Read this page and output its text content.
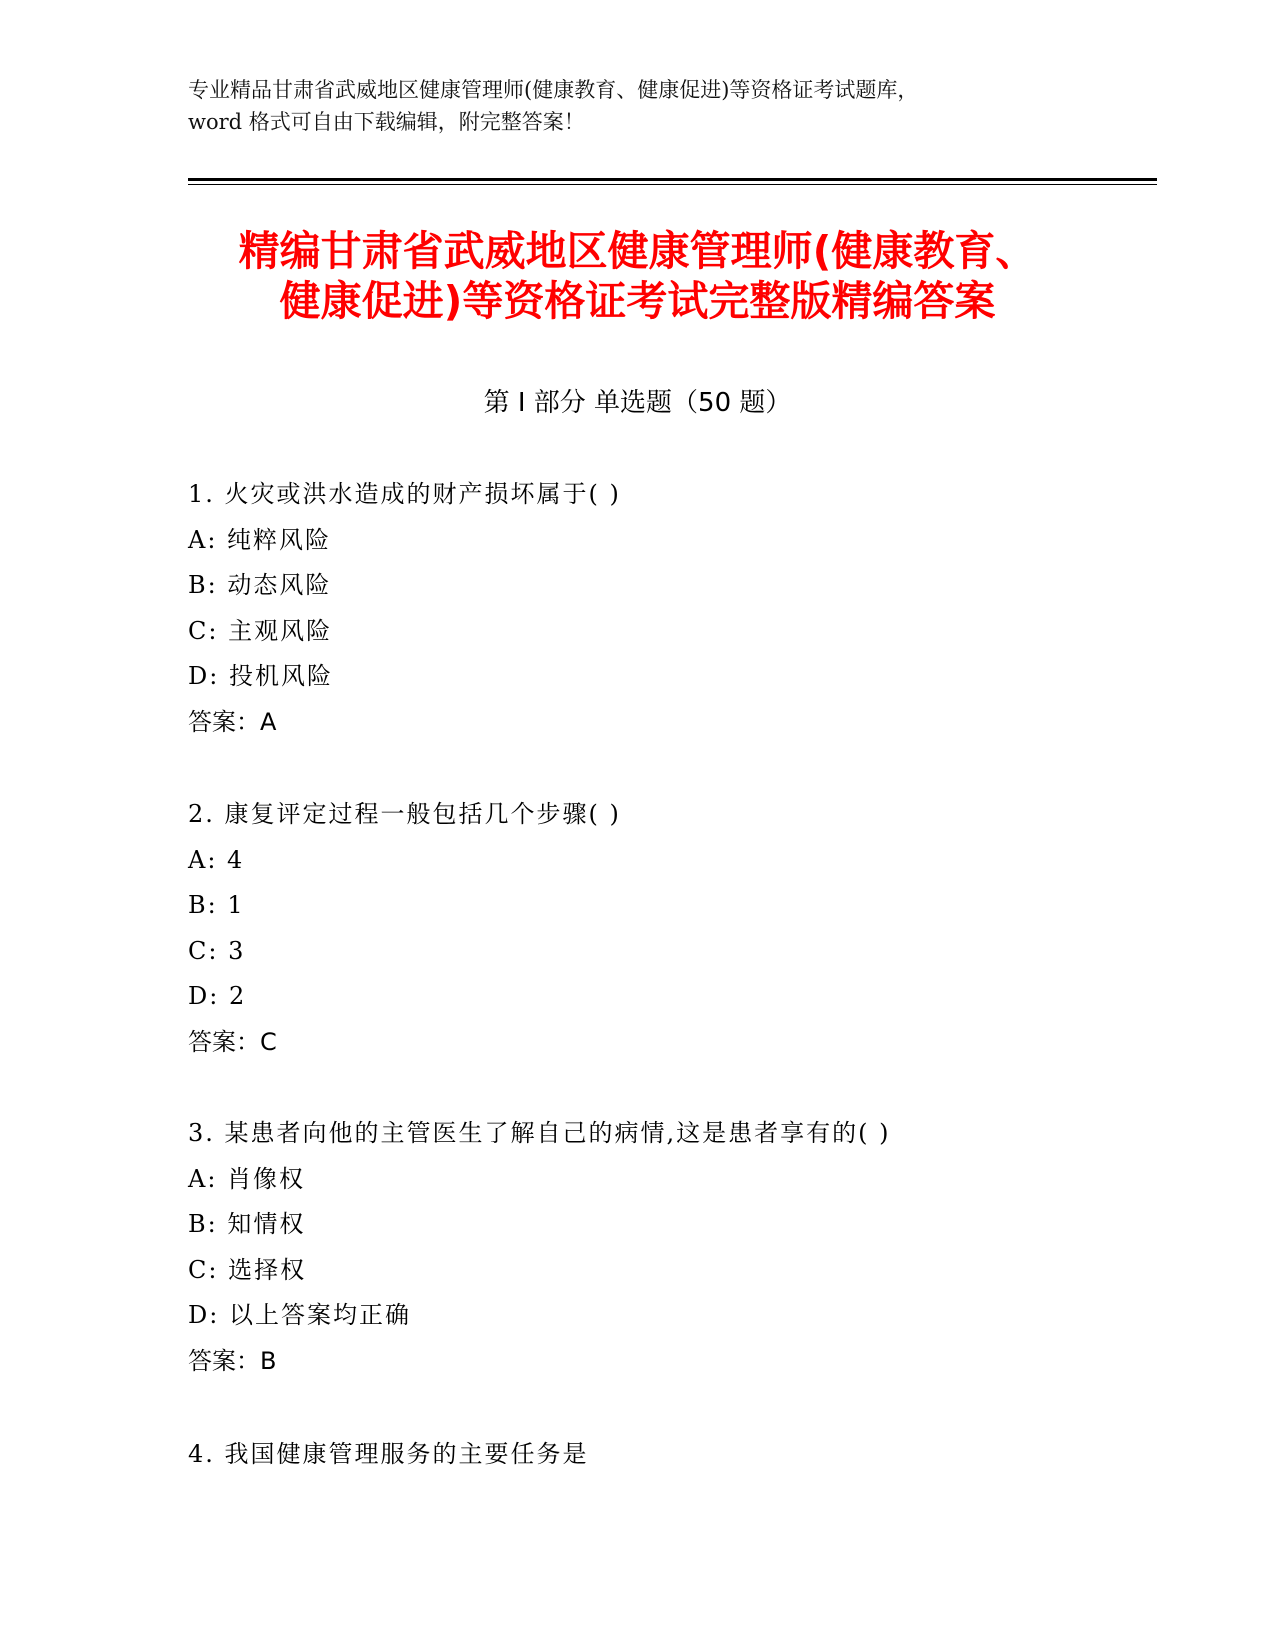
专业精品甘肃省武威地区健康管理师(健康教育、健康促进)等资格证考试题库，
word 格式可自由下载编辑，附完整答案！
精编甘肃省武威地区健康管理师(健康教育、
健康促进)等资格证考试完整版精编答案
第 I 部分 单选题（50 题）
1. 火灾或洪水造成的财产损坏属于( )
A: 纯粹风险
B: 动态风险
C: 主观风险
D: 投机风险
答案：A
2. 康复评定过程一般包括几个步骤( )
A: 4
B: 1
C: 3
D: 2
答案：C
3. 某患者向他的主管医生了解自己的病情,这是患者享有的( )
A: 肖像权
B: 知情权
C: 选择权
D: 以上答案均正确
答案：B
4. 我国健康管理服务的主要任务是
